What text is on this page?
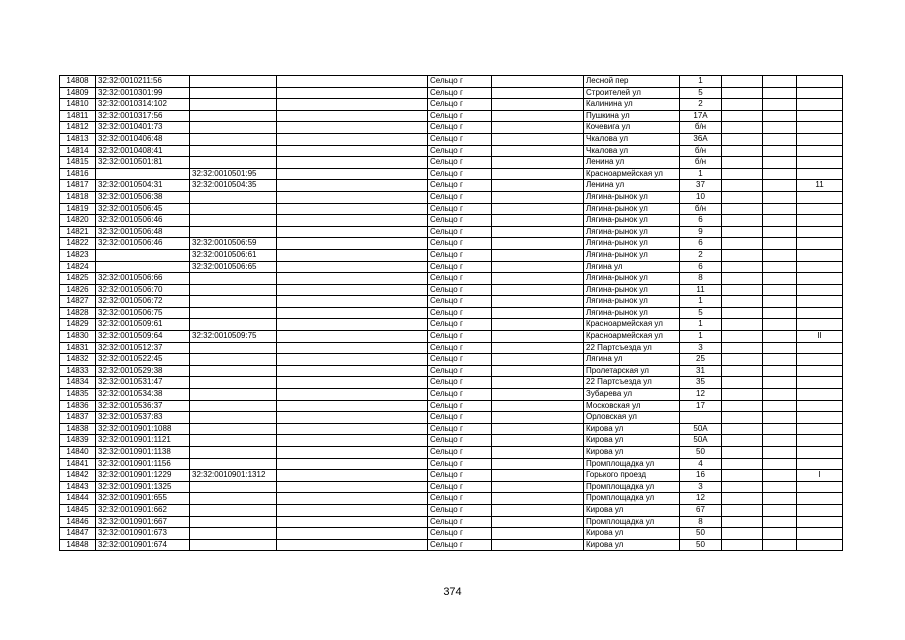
14808	32:32:0010211:56			Сельцо г		Лесной пер	1			
14809	32:32:0010301:99			Сельцо г		Строителей ул	5			
14810	32:32:0010314:102			Сельцо г		Калинина ул	2			
14811	32:32:0010317:56			Сельцо г		Пушкина ул	17А			
14812	32:32:0010401:73			Сельцо г		Кочевига ул	б/н			
14813	32:32:0010406:48			Сельцо г		Чкалова ул	36А			
14814	32:32:0010408:41			Сельцо г		Чкалова ул	б/н			
14815	32:32:0010501:81			Сельцо г		Ленина ул	б/н			
14816		32:32:0010501:95		Сельцо г		Красноармейская ул	1			
14817	32:32:0010504:31	32:32:0010504:35		Сельцо г		Ленина ул	37			11
14818	32:32:0010506:38			Сельцо г		Лягина-рынок ул	10			
14819	32:32:0010506:45			Сельцо г		Лягина-рынок ул	б/н			
14820	32:32:0010506:46			Сельцо г		Лягина-рынок ул	6			
14821	32:32:0010506:48			Сельцо г		Лягина-рынок ул	9			
14822	32:32:0010506:46	32:32:0010506:59		Сельцо г		Лягина-рынок ул	6			
14823		32:32:0010506:61		Сельцо г		Лягина-рынок ул	2			
14824		32:32:0010506:65		Сельцо г		Лягина ул	6			
14825	32:32:0010506:66			Сельцо г		Лягина-рынок ул	8			
14826	32:32:0010506:70			Сельцо г		Лягина-рынок ул	11			
14827	32:32:0010506:72			Сельцо г		Лягина-рынок ул	1			
14828	32:32:0010506:75			Сельцо г		Лягина-рынок ул	5			
14829	32:32:0010509:61			Сельцо г		Красноармейская ул	1			
14830	32:32:0010509:64	32:32:0010509:75		Сельцо г		Красноармейская ул	1			II
14831	32:32:0010512:37			Сельцо г		22 Партсъезда ул	3			
14832	32:32:0010522:45			Сельцо г		Лягина ул	25			
14833	32:32:0010529:38			Сельцо г		Пролетарская ул	31			
14834	32:32:0010531:47			Сельцо г		22 Партсъезда ул	35			
14835	32:32:0010534:38			Сельцо г		Зубарева ул	12			
14836	32:32:0010536:37			Сельцо г		Московская ул	17			
14837	32:32:0010537:83			Сельцо г		Орловская ул				
14838	32:32:0010901:1088			Сельцо г		Кирова ул	50А			
14839	32:32:0010901:1121			Сельцо г		Кирова ул	50А			
14840	32:32:0010901:1138			Сельцо г		Кирова ул	50			
14841	32:32:0010901:1156			Сельцо г		Промплощадка ул	4			
14842	32:32:0010901:1229	32:32:0010901:1312		Сельцо г		Горького проезд	16			I
14843	32:32:0010901:1325			Сельцо г		Промплощадка ул	3			
14844	32:32:0010901:655			Сельцо г		Промплощадка ул	12			
14845	32:32:0010901:662			Сельцо г		Кирова ул	67			
14846	32:32:0010901:667			Сельцо г		Промплощадка ул	8			
14847	32:32:0010901:673			Сельцо г		Кирова ул	50			
14848	32:32:0010901:674			Сельцо г		Кирова ул	50			
374
